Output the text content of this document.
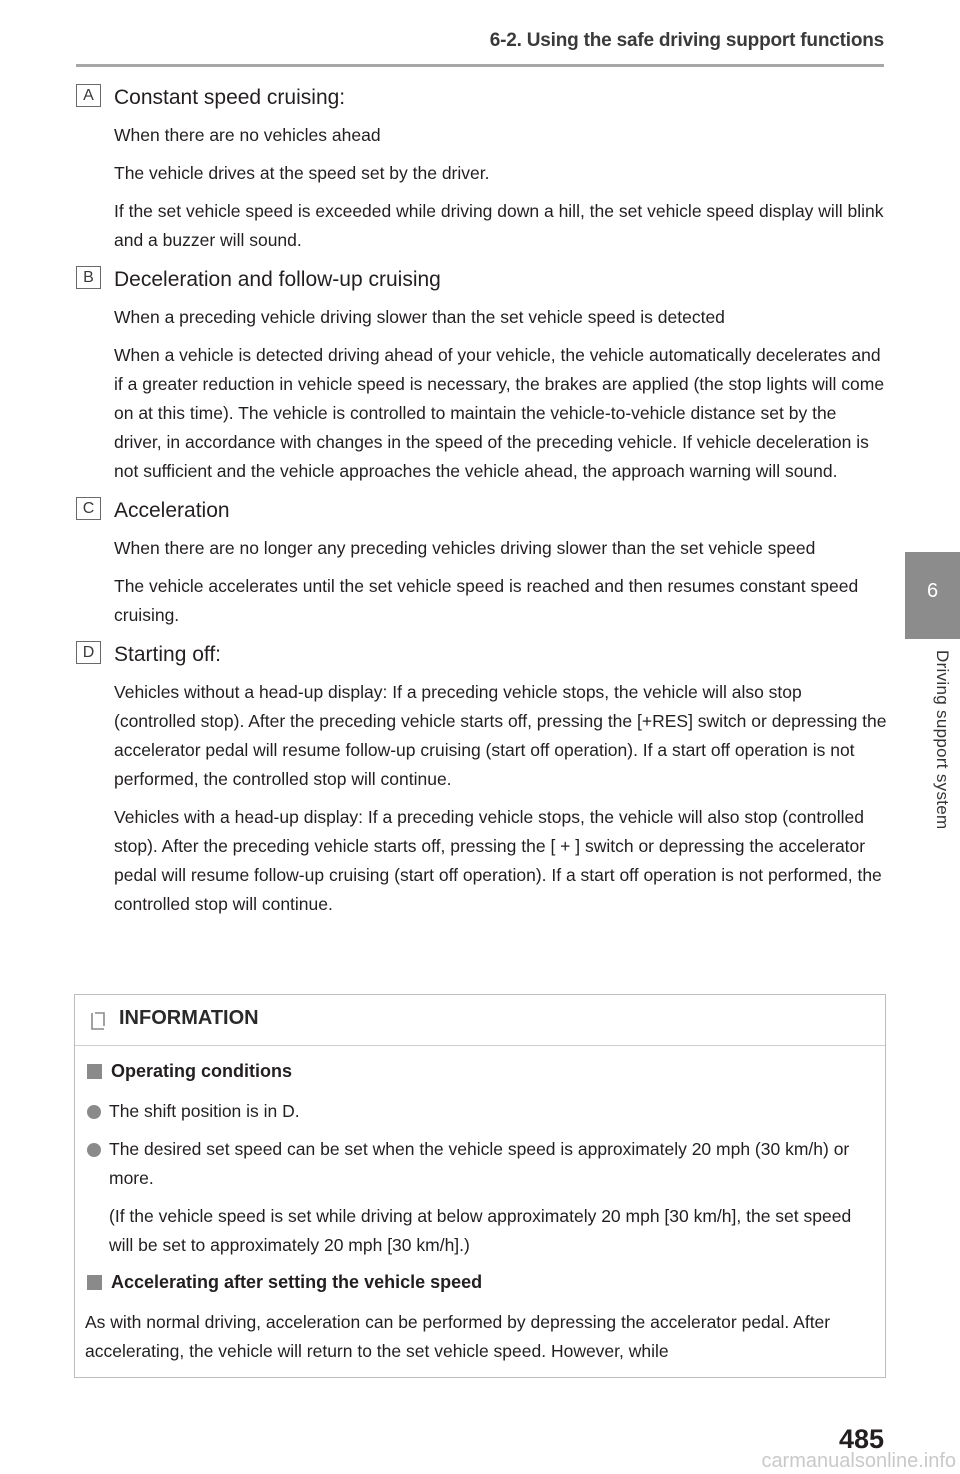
6-2. Using the safe driving support functions
6
Driving support system
A Constant speed cruising:

When there are no vehicles ahead

The vehicle drives at the speed set by the driver.

If the set vehicle speed is exceeded while driving down a hill, the set vehicle speed display will blink and a buzzer will sound.

B Deceleration and follow-up cruising

When a preceding vehicle driving slower than the set vehicle speed is detected

When a vehicle is detected driving ahead of your vehicle, the vehicle automatically decelerates and if a greater reduction in vehicle speed is necessary, the brakes are applied (the stop lights will come on at this time). The vehicle is controlled to maintain the vehicle-to-vehicle distance set by the driver, in accordance with changes in the speed of the preceding vehicle. If vehicle deceleration is not sufficient and the vehicle approaches the vehicle ahead, the approach warning will sound.

C Acceleration

When there are no longer any preceding vehicles driving slower than the set vehicle speed

The vehicle accelerates until the set vehicle speed is reached and then resumes constant speed cruising.

D Starting off:

Vehicles without a head-up display: If a preceding vehicle stops, the vehicle will also stop (controlled stop). After the preceding vehicle starts off, pressing the [+RES] switch or depressing the accelerator pedal will resume follow-up cruising (start off operation). If a start off operation is not performed, the controlled stop will continue.

Vehicles with a head-up display: If a preceding vehicle stops, the vehicle will also stop (controlled stop). After the preceding vehicle starts off, pressing the [ + ] switch or depressing the accelerator pedal will resume follow-up cruising (start off operation). If a start off operation is not performed, the controlled stop will continue.

INFORMATION

Operating conditions

The shift position is in D.

The desired set speed can be set when the vehicle speed is approximately 20 mph (30 km/h) or more.

(If the vehicle speed is set while driving at below approximately 20 mph [30 km/h], the set speed will be set to approximately 20 mph [30 km/h].)

Accelerating after setting the vehicle speed

As with normal driving, acceleration can be performed by depressing the accelerator pedal. After accelerating, the vehicle will return to the set vehicle speed. However, while

485
carmanualsonline.info
